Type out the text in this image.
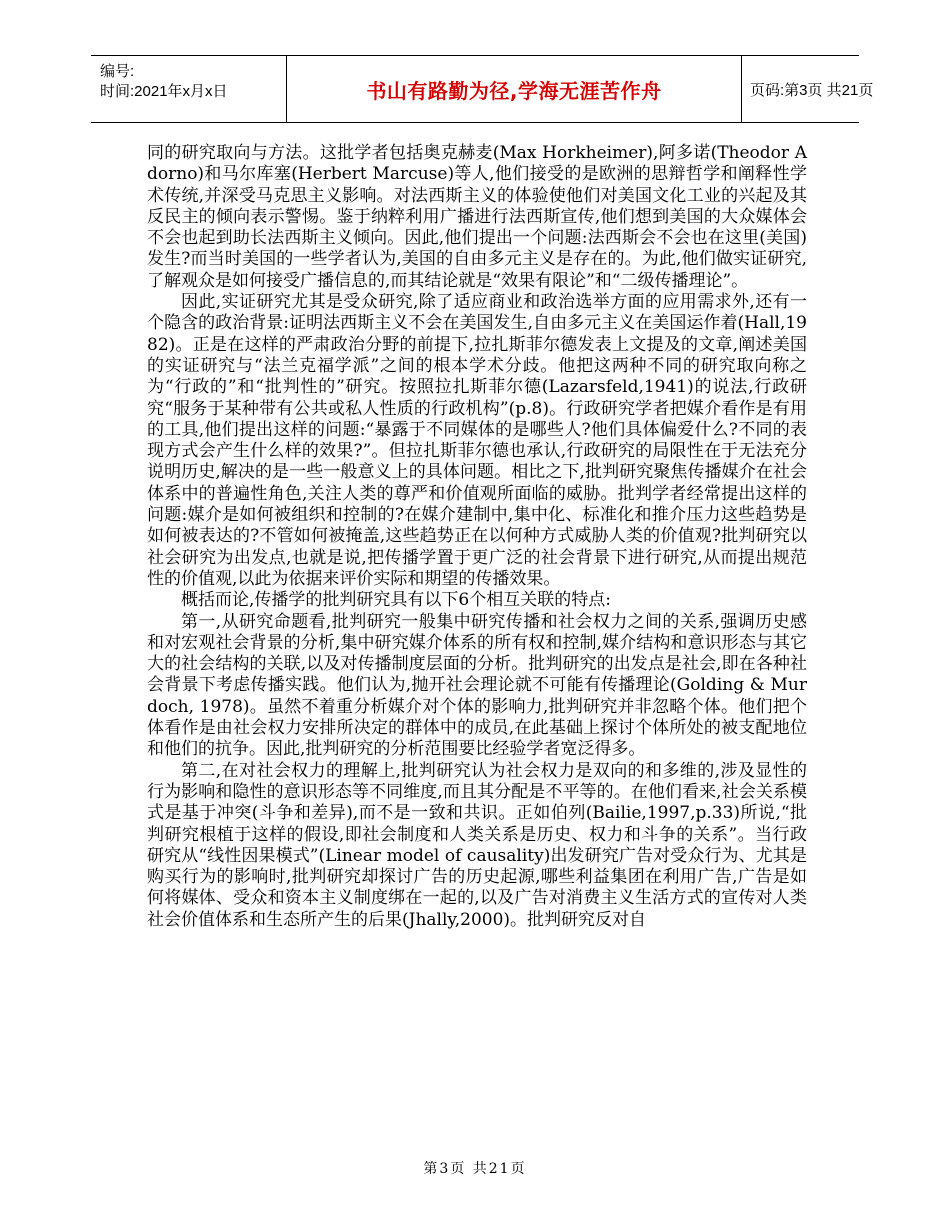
编号:
时间:2021年x月x日	书山有路勤为径,学海无涯苦作舟	页码:第3页 共21页

同的研究取向与方法。这批学者包括奥克赫麦(Max Horkheimer),阿多诺(Theodor Adorno)和马尔库塞(Herbert Marcuse)等人,他们接受的是欧洲的思辩哲学和阐释性学术传统,并深受马克思主义影响。对法西斯主义的体验使他们对美国文化工业的兴起及其反民主的倾向表示警惕。鉴于纳粹利用广播进行法西斯宣传,他们想到美国的大众媒体会不会也起到助长法西斯主义倾向。因此,他们提出一个问题:法西斯会不会也在这里(美国)发生?而当时美国的一些学者认为,美国的自由多元主义是存在的。为此,他们做实证研究,了解观众是如何接受广播信息的,而其结论就是“效果有限论”和“二级传播理论”。

因此,实证研究尤其是受众研究,除了适应商业和政治选举方面的应用需求外,还有一个隐含的政治背景:证明法西斯主义不会在美国发生,自由多元主义在美国运作着(Hall,1982)。正是在这样的严肃政治分野的前提下,拉扎斯菲尔德发表上文提及的文章,阐述美国的实证研究与“法兰克福学派”之间的根本学术分歧。他把这两种不同的研究取向称之为“行政的”和“批判性的”研究。按照拉扎斯菲尔德(Lazarsfeld,1941)的说法,行政研究“服务于某种带有公共或私人性质的行政机构”(p.8)。行政研究学者把媒介看作是有用的工具,他们提出这样的问题:“暴露于不同媒体的是哪些人?他们具体偏爱什么?不同的表现方式会产生什么样的效果?”。但拉扎斯菲尔德也承认,行政研究的局限性在于无法充分说明历史,解决的是一些一般意义上的具体问题。相比之下,批判研究聚焦传播媒介在社会体系中的普遍性角色,关注人类的尊严和价值观所面临的威胁。批判学者经常提出这样的问题:媒介是如何被组织和控制的?在媒介建制中,集中化、标准化和推介压力这些趋势是如何被表达的?不管如何被掩盖,这些趋势正在以何种方式威胁人类的价值观?批判研究以社会研究为出发点,也就是说,把传播学置于更广泛的社会背景下进行研究,从而提出规范性的价值观,以此为依据来评价实际和期望的传播效果。

概括而论,传播学的批判研究具有以下6个相互关联的特点:

第一,从研究命题看,批判研究一般集中研究传播和社会权力之间的关系,强调历史感和对宏观社会背景的分析,集中研究媒介体系的所有权和控制,媒介结构和意识形态与其它大的社会结构的关联,以及对传播制度层面的分析。批判研究的出发点是社会,即在各种社会背景下考虑传播实践。他们认为,抛开社会理论就不可能有传播理论(Golding & Murdoch, 1978)。虽然不着重分析媒介对个体的影响力,批判研究并非忽略个体。他们把个体看作是由社会权力安排所决定的群体中的成员,在此基础上探讨个体所处的被支配地位和他们的抗争。因此,批判研究的分析范围要比经验学者宽泛得多。

第二,在对社会权力的理解上,批判研究认为社会权力是双向的和多维的,涉及显性的行为影响和隐性的意识形态等不同维度,而且其分配是不平等的。在他们看来,社会关系模式是基于冲突(斗争和差异),而不是一致和共识。正如伯列(Bailie,1997,p.33)所说,“批判研究根植于这样的假设,即社会制度和人类关系是历史、权力和斗争的关系”。当行政研究从“线性因果模式”(Linear model of causality)出发研究广告对受众行为、尤其是购买行为的影响时,批判研究却探讨广告的历史起源,哪些利益集团在利用广告,广告是如何将媒体、受众和资本主义制度绑在一起的,以及广告对消费主义生活方式的宣传对人类社会价值体系和生态所产生的后果(Jhally,2000)。批判研究反对自

第3页 共21页
